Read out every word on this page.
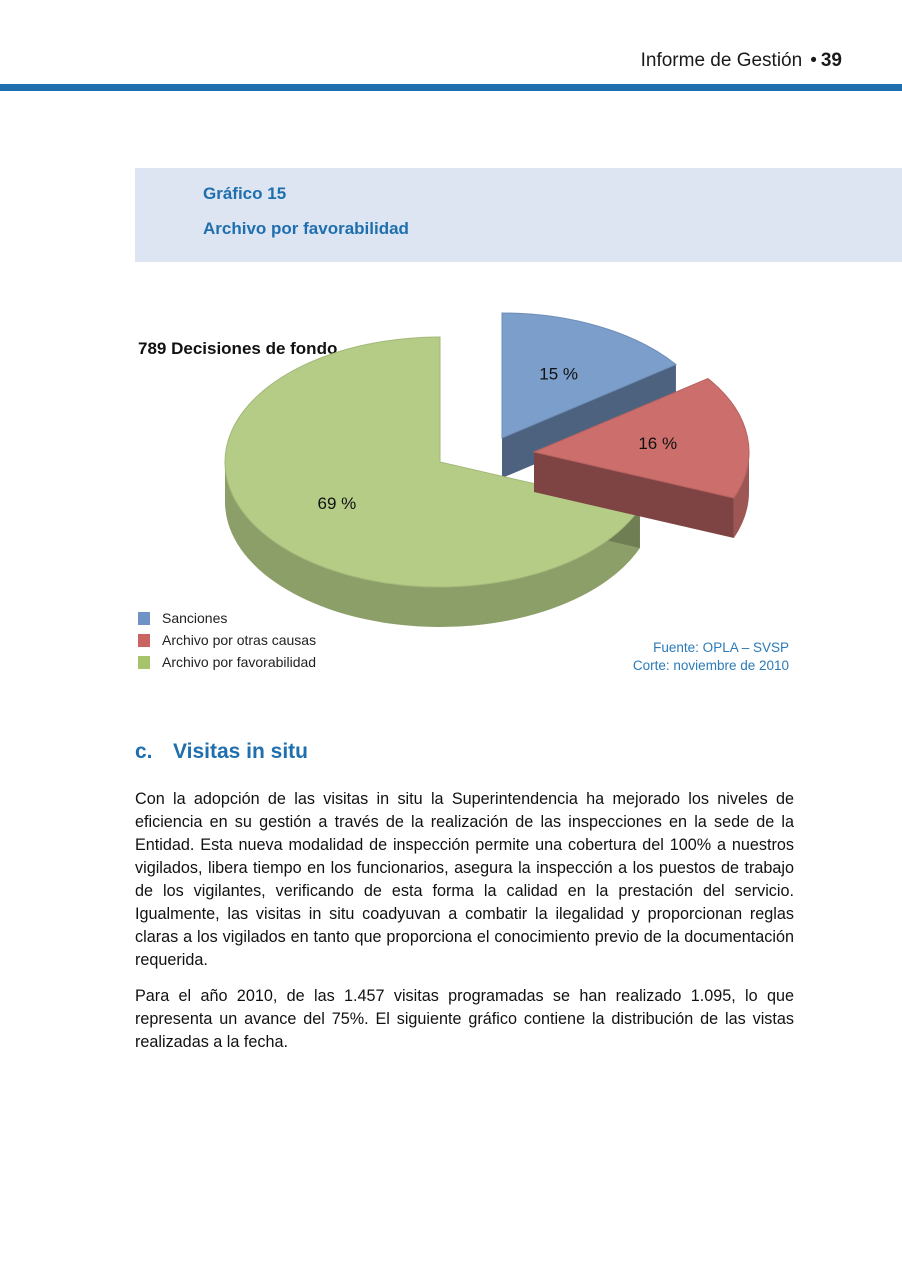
Informe de Gestión • 39
Gráfico 15
Archivo por favorabilidad
789 Decisiones de fondo
15 %
69 %
16 %
Sanciones
Archivo por otras causas
Archivo por favorabilidad
Fuente: OPLA – SVSP
Corte: noviembre de 2010
c. Visitas in situ

Con la adopción de las visitas in situ la Superintendencia ha mejorado los niveles de eficiencia en su gestión a través de la realización de las inspecciones en la sede de la Entidad. Esta nueva modalidad de inspección permite una cobertura del 100% a nuestros vigilados, libera tiempo en los funcionarios, asegura la inspección a los puestos de trabajo de los vigilantes, verificando de esta forma la calidad en la prestación del servicio. Igualmente, las visitas in situ coadyuvan a combatir la ilegalidad y proporcionan reglas claras a los vigilados en tanto que proporciona el conocimiento previo de la documentación requerida.

Para el año 2010, de las 1.457 visitas programadas se han realizado 1.095, lo que representa un avance del 75%. El siguiente gráfico contiene la distribución de las vistas realizadas a la fecha.
